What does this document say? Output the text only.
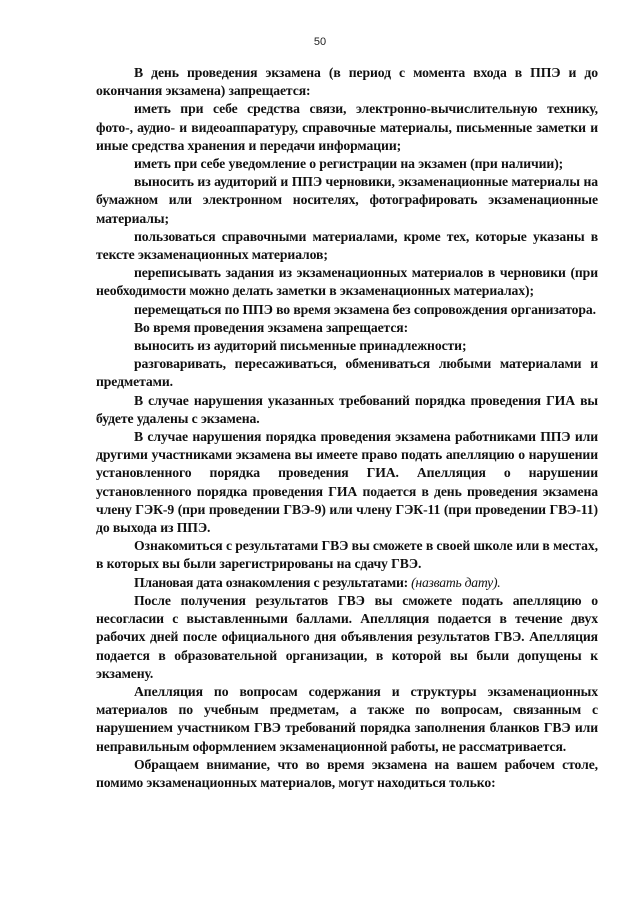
50

В день проведения экзамена (в период с момента входа в ППЭ и до окончания экзамена) запрещается:

иметь при себе средства связи, электронно-вычислительную технику, фото-, аудио- и видеоаппаратуру, справочные материалы, письменные заметки и иные средства хранения и передачи информации;

иметь при себе уведомление о регистрации на экзамен (при наличии);

выносить из аудиторий и ППЭ черновики, экзаменационные материалы на бумажном или электронном носителях, фотографировать экзаменационные материалы;

пользоваться справочными материалами, кроме тех, которые указаны в тексте экзаменационных материалов;

переписывать задания из экзаменационных материалов в черновики (при необходимости можно делать заметки в экзаменационных материалах);

перемещаться по ППЭ во время экзамена без сопровождения организатора.

Во время проведения экзамена запрещается:

выносить из аудиторий письменные принадлежности;

разговаривать, пересаживаться, обмениваться любыми материалами и предметами.

В случае нарушения указанных требований порядка проведения ГИА вы будете удалены с экзамена.

В случае нарушения порядка проведения экзамена работниками ППЭ или другими участниками экзамена вы имеете право подать апелляцию о нарушении установленного порядка проведения ГИА. Апелляция о нарушении установленного порядка проведения ГИА подается в день проведения экзамена члену ГЭК-9 (при проведении ГВЭ-9) или члену ГЭК-11 (при проведении ГВЭ-11) до выхода из ППЭ.

Ознакомиться с результатами ГВЭ вы сможете в своей школе или в местах, в которых вы были зарегистрированы на сдачу ГВЭ.

Плановая дата ознакомления с результатами: (назвать дату).

После получения результатов ГВЭ вы сможете подать апелляцию о несогласии с выставленными баллами. Апелляция подается в течение двух рабочих дней после официального дня объявления результатов ГВЭ. Апелляция подается в образовательной организации, в которой вы были допущены к экзамену.

Апелляция по вопросам содержания и структуры экзаменационных материалов по учебным предметам, а также по вопросам, связанным с нарушением участником ГВЭ требований порядка заполнения бланков ГВЭ или неправильным оформлением экзаменационной работы, не рассматривается.

Обращаем внимание, что во время экзамена на вашем рабочем столе, помимо экзаменационных материалов, могут находиться только:
